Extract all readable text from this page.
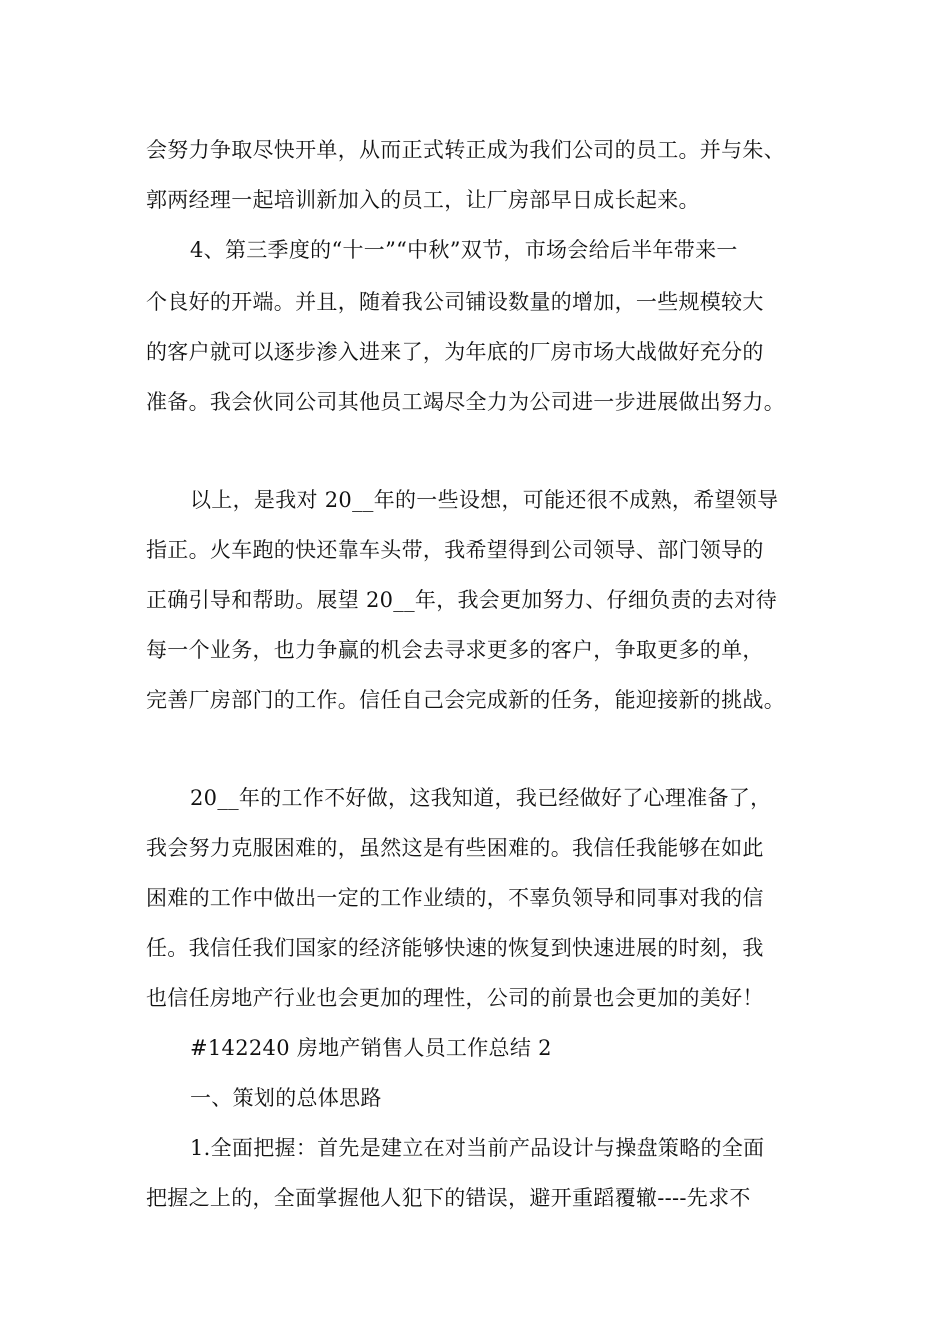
会努力争取尽快开单，从而正式转正成为我们公司的员工。并与朱、
郭两经理一起培训新加入的员工，让厂房部早日成长起来。
4、第三季度的“十一”“中秋”双节，市场会给后半年带来一
个良好的开端。并且，随着我公司铺设数量的增加，一些规模较大
的客户就可以逐步渗入进来了，为年底的厂房市场大战做好充分的
准备。我会伙同公司其他员工竭尽全力为公司进一步进展做出努力。
以上，是我对 20__年的一些设想，可能还很不成熟，希望领导
指正。火车跑的快还靠车头带，我希望得到公司领导、部门领导的
正确引导和帮助。展望 20__年，我会更加努力、仔细负责的去对待
每一个业务，也力争赢的机会去寻求更多的客户，争取更多的单，
完善厂房部门的工作。信任自己会完成新的任务，能迎接新的挑战。
20__年的工作不好做，这我知道，我已经做好了心理准备了，
我会努力克服困难的，虽然这是有些困难的。我信任我能够在如此
困难的工作中做出一定的工作业绩的，不辜负领导和同事对我的信
任。我信任我们国家的经济能够快速的恢复到快速进展的时刻，我
也信任房地产行业也会更加的理性，公司的前景也会更加的美好！
#142240 房地产销售人员工作总结 2
一、策划的总体思路
1.全面把握：首先是建立在对当前产品设计与操盘策略的全面
把握之上的，全面掌握他人犯下的错误，避开重蹈覆辙----先求不
